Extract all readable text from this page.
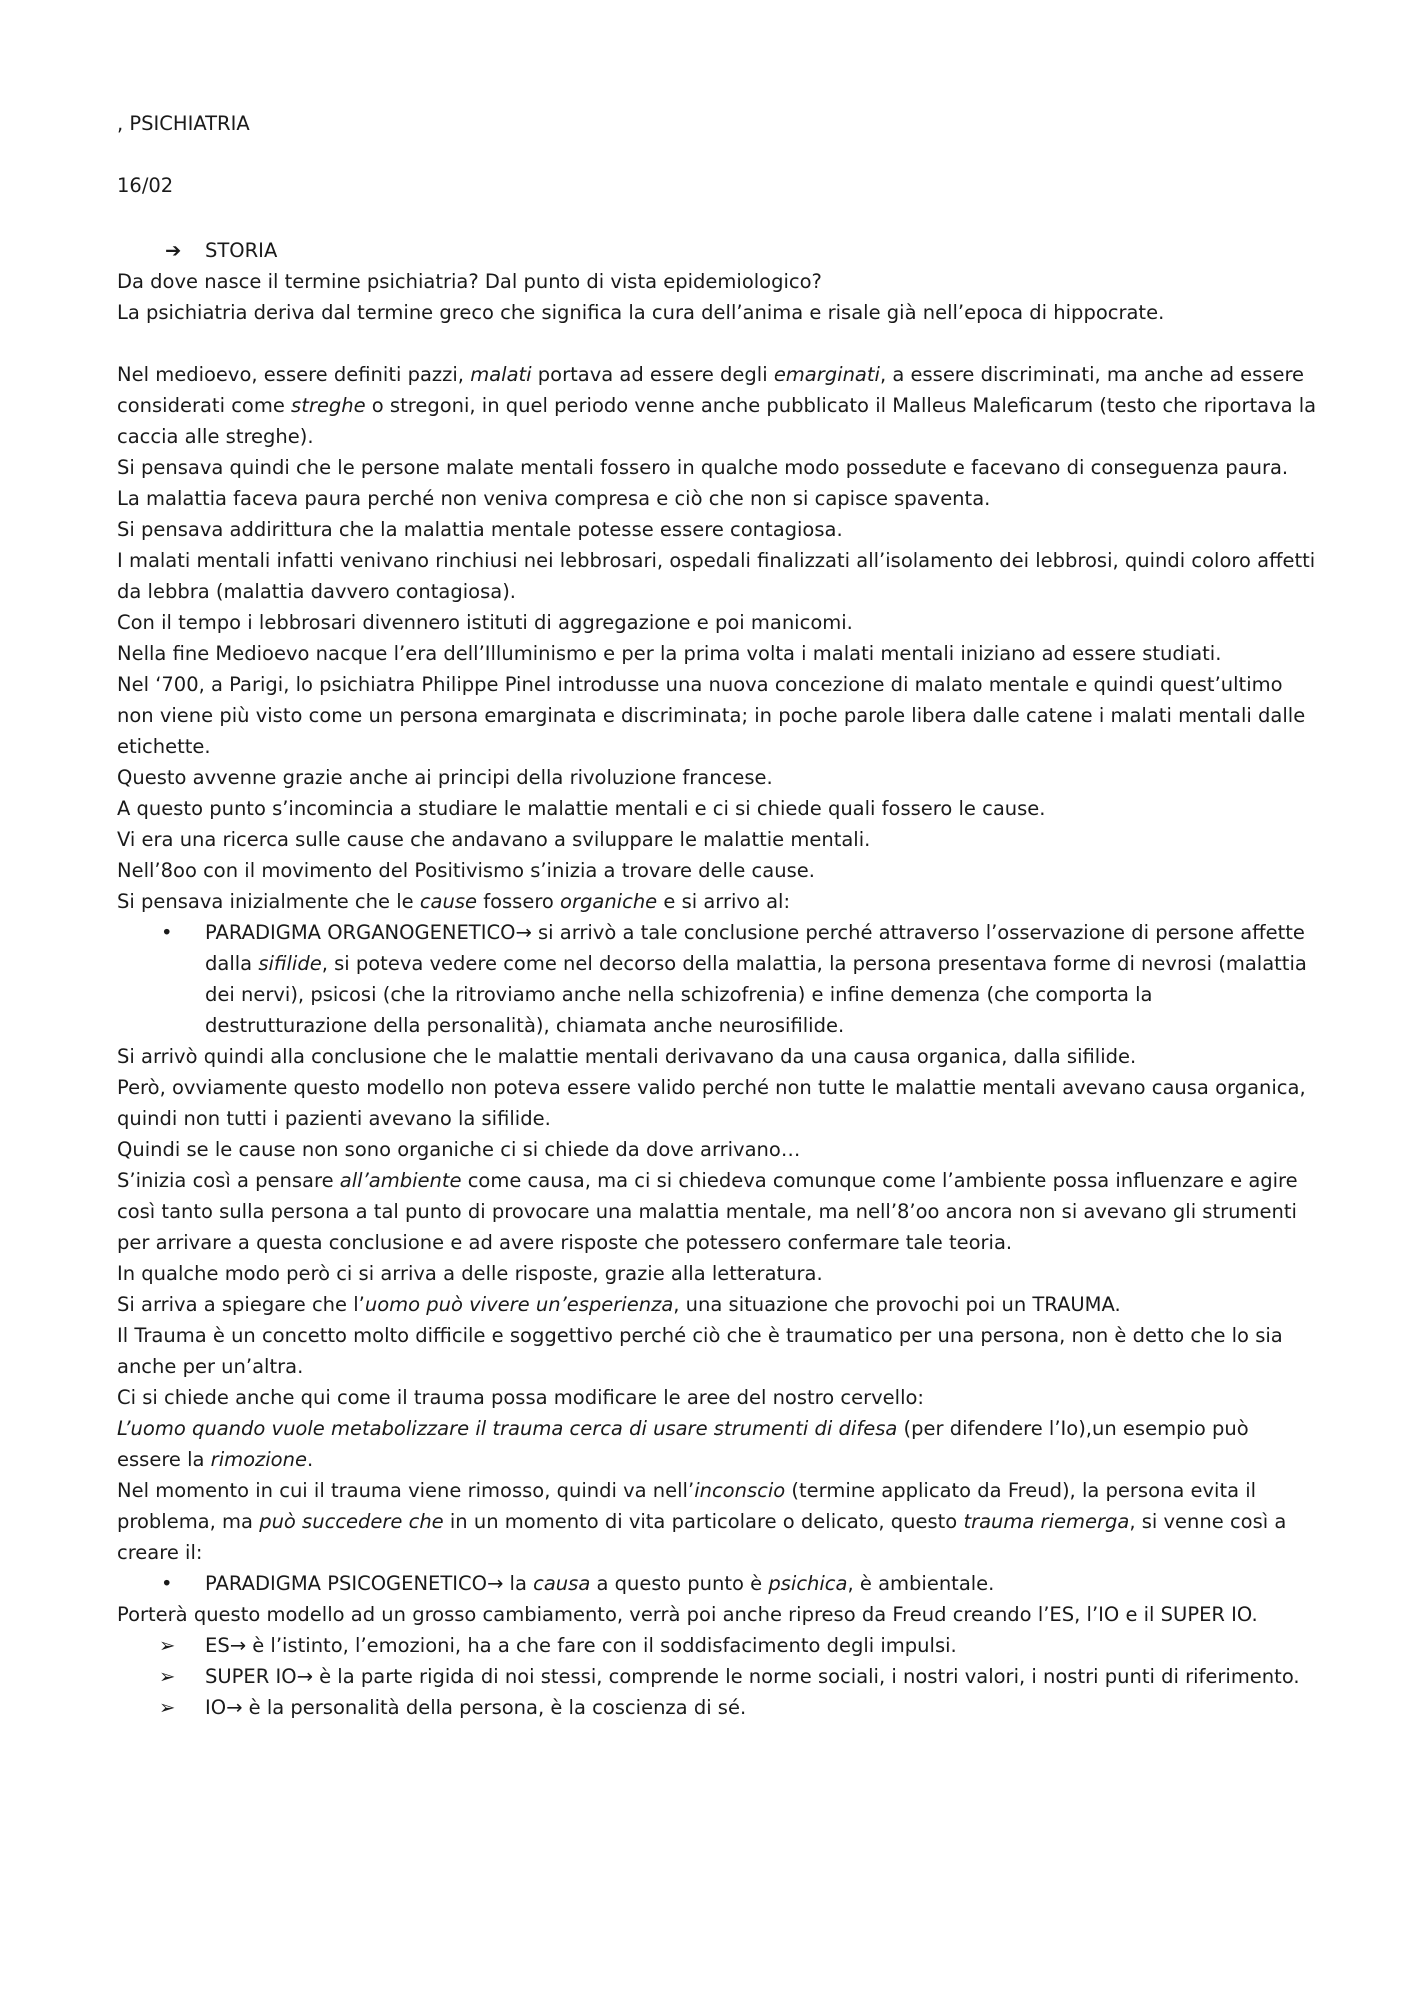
, PSICHIATRIA
16/02
➔ STORIA
Da dove nasce il termine psichiatria? Dal punto di vista epidemiologico?
La psichiatria deriva dal termine greco che significa la cura dell’anima e risale già nell’epoca di hippocrate.
Nel medioevo, essere definiti pazzi, malati portava ad essere degli emarginati, a essere discriminati, ma anche ad essere considerati come streghe o stregoni, in quel periodo venne anche pubblicato il Malleus Maleficarum (testo che riportava la caccia alle streghe).
Si pensava quindi che le persone malate mentali fossero in qualche modo possedute e facevano di conseguenza paura.
La malattia faceva paura perché non veniva compresa e ciò che non si capisce spaventa.
Si pensava addirittura che la malattia mentale potesse essere contagiosa.
I malati mentali infatti venivano rinchiusi nei lebbrosari, ospedali finalizzati all’isolamento dei lebbrosi, quindi coloro affetti da lebbra (malattia davvero contagiosa).
Con il tempo i lebbrosari divennero istituti di aggregazione e poi manicomi.
Nella fine Medioevo nacque l’era dell’Illuminismo e per la prima volta i malati mentali iniziano ad essere studiati.
Nel ‘700, a Parigi, lo psichiatra Philippe Pinel introdusse una nuova concezione di malato mentale e quindi quest’ultimo non viene più visto come un persona emarginata e discriminata; in poche parole libera dalle catene i malati mentali dalle etichette.
Questo avvenne grazie anche ai principi della rivoluzione francese.
A questo punto s’incomincia a studiare le malattie mentali e ci si chiede quali fossero le cause.
Vi era una ricerca sulle cause che andavano a sviluppare le malattie mentali.
Nell’8oo con il movimento del Positivismo s’inizia a trovare delle cause.
Si pensava inizialmente che le cause fossero organiche e si arrivo al:
• PARADIGMA ORGANOGENETICO→ si arrivò a tale conclusione perché attraverso l’osservazione di persone affette dalla sifilide, si poteva vedere come nel decorso della malattia, la persona presentava forme di nevrosi (malattia dei nervi), psicosi (che la ritroviamo anche nella schizofrenia) e infine demenza (che comporta la destrutturazione della personalità), chiamata anche neurosifilide.
Si arrivò quindi alla conclusione che le malattie mentali derivavano da una causa organica, dalla sifilide.
Però, ovviamente questo modello non poteva essere valido perché non tutte le malattie mentali avevano causa organica, quindi non tutti i pazienti avevano la sifilide.
Quindi se le cause non sono organiche ci si chiede da dove arrivano…
S’inizia così a pensare all’ambiente come causa, ma ci si chiedeva comunque come l’ambiente possa influenzare e agire così tanto sulla persona a tal punto di provocare una malattia mentale, ma nell’8’oo ancora non si avevano gli strumenti per arrivare a questa conclusione e ad avere risposte che potessero confermare tale teoria.
In qualche modo però ci si arriva a delle risposte, grazie alla letteratura.
Si arriva a spiegare che l’uomo può vivere un’esperienza, una situazione che provochi poi un TRAUMA.
Il Trauma è un concetto molto difficile e soggettivo perché ciò che è traumatico per una persona, non è detto che lo sia anche per un’altra.
Ci si chiede anche qui come il trauma possa modificare le aree del nostro cervello:
L’uomo quando vuole metabolizzare il trauma cerca di usare strumenti di difesa (per difendere l’Io),un esempio può essere la rimozione.
Nel momento in cui il trauma viene rimosso, quindi va nell’inconscio (termine applicato da Freud), la persona evita il problema, ma può succedere che in un momento di vita particolare o delicato, questo trauma riemerga, si venne così a creare il:
• PARADIGMA PSICOGENETICO→ la causa a questo punto è psichica, è ambientale.
Porterà questo modello ad un grosso cambiamento, verrà poi anche ripreso da Freud creando l’ES, l’IO e il SUPER IO.
➢ ES→ è l’istinto, l’emozioni, ha a che fare con il soddisfacimento degli impulsi.
➢ SUPER IO→ è la parte rigida di noi stessi, comprende le norme sociali, i nostri valori, i nostri punti di riferimento.
➢ IO→ è la personalità della persona, è la coscienza di sé.
